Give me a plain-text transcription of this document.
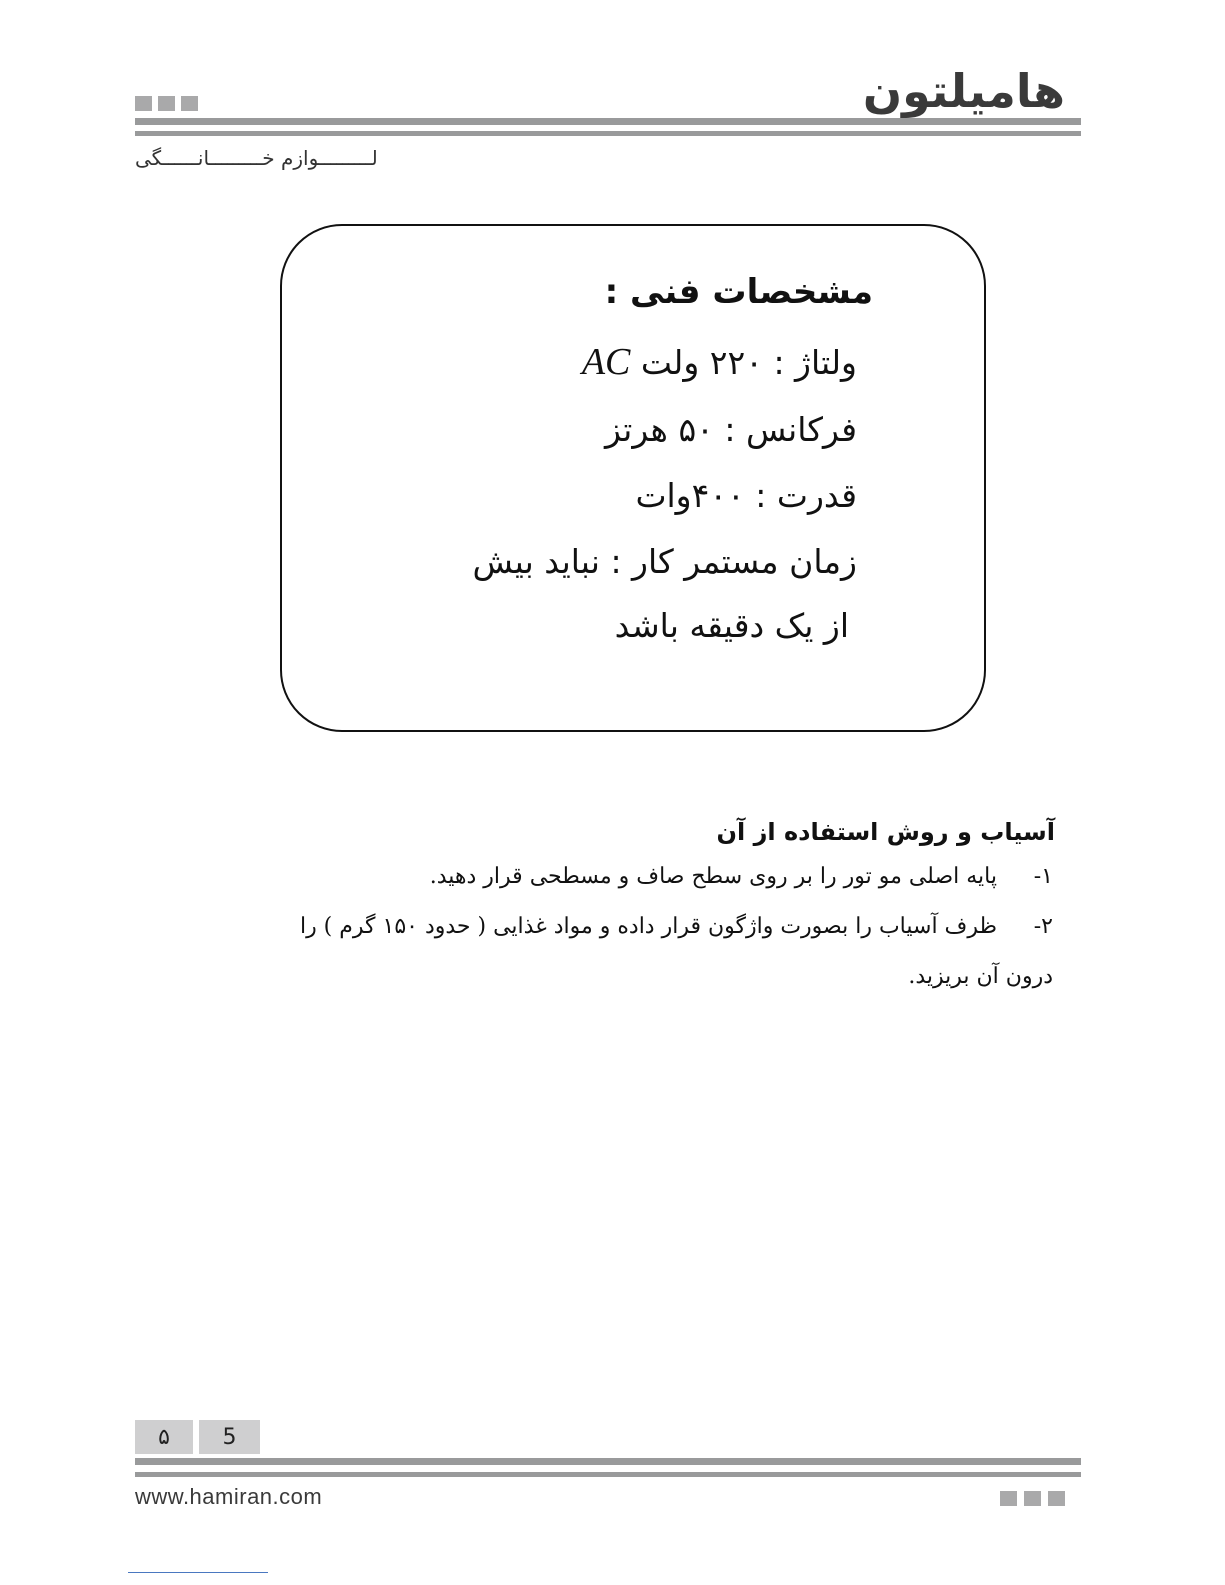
هامیلتون
لـــــــــوازم خـــــــــانــــــگی
مشخصات فنی :
ولتاژ : ۲۲۰ ولت AC
فرکانس : ۵۰ هرتز
قدرت : ۴۰۰وات
زمان مستمر کار : نباید بیش
از یک دقیقه باشد
آسیاب و روش استفاده از آن
۱-پایه اصلی مو تور را بر روی سطح صاف و مسطحی قرار دهید.
۲-ظرف آسیاب را بصورت واژگون قرار داده و مواد غذایی ( حدود ۱۵۰ گرم ) را
درون آن بریزید.
۵	5
www.hamiran.com
